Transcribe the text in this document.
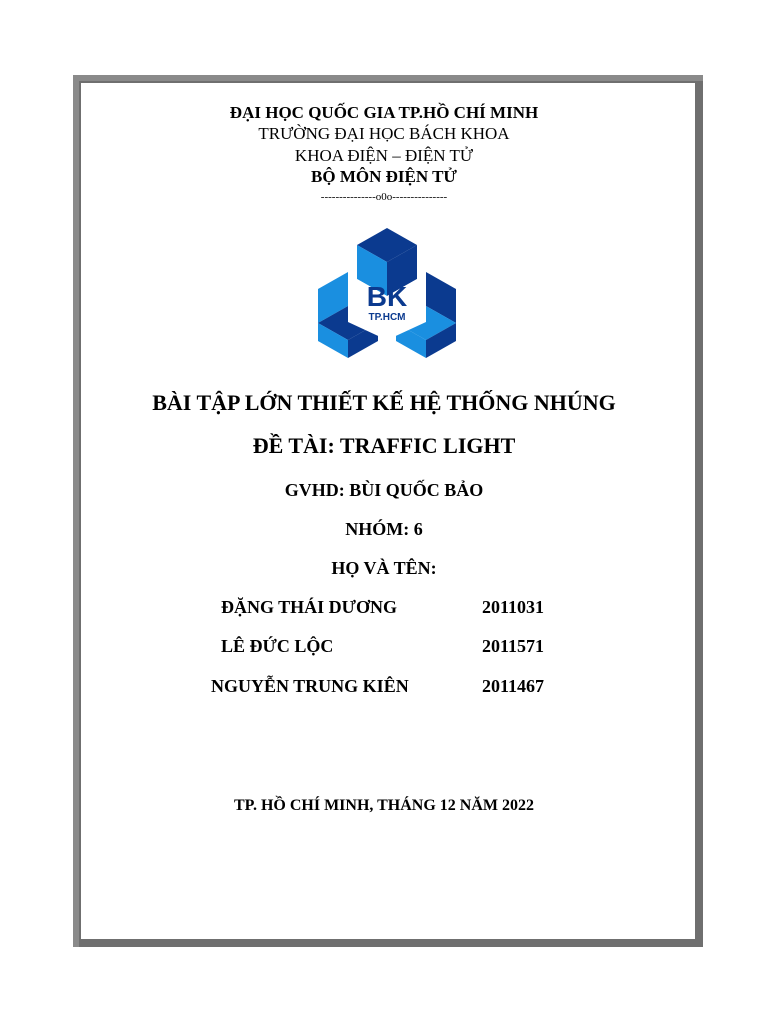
ĐẠI HỌC QUỐC GIA TP.HỒ CHÍ MINH
TRƯỜNG ĐẠI HỌC BÁCH KHOA
KHOA ĐIỆN – ĐIỆN TỬ
BỘ MÔN ĐIỆN TỬ
---------------o0o---------------
BK
TP.HCM
BÀI TẬP LỚN THIẾT KẾ HỆ THỐNG NHÚNG
ĐỀ TÀI: TRAFFIC LIGHT
GVHD: BÙI QUỐC BẢO
NHÓM: 6
HỌ VÀ TÊN:
ĐẶNG THÁI DƯƠNG	2011031
LÊ ĐỨC LỘC	2011571
NGUYỄN TRUNG KIÊN	2011467
TP. HỒ CHÍ MINH, THÁNG 12 NĂM 2022
